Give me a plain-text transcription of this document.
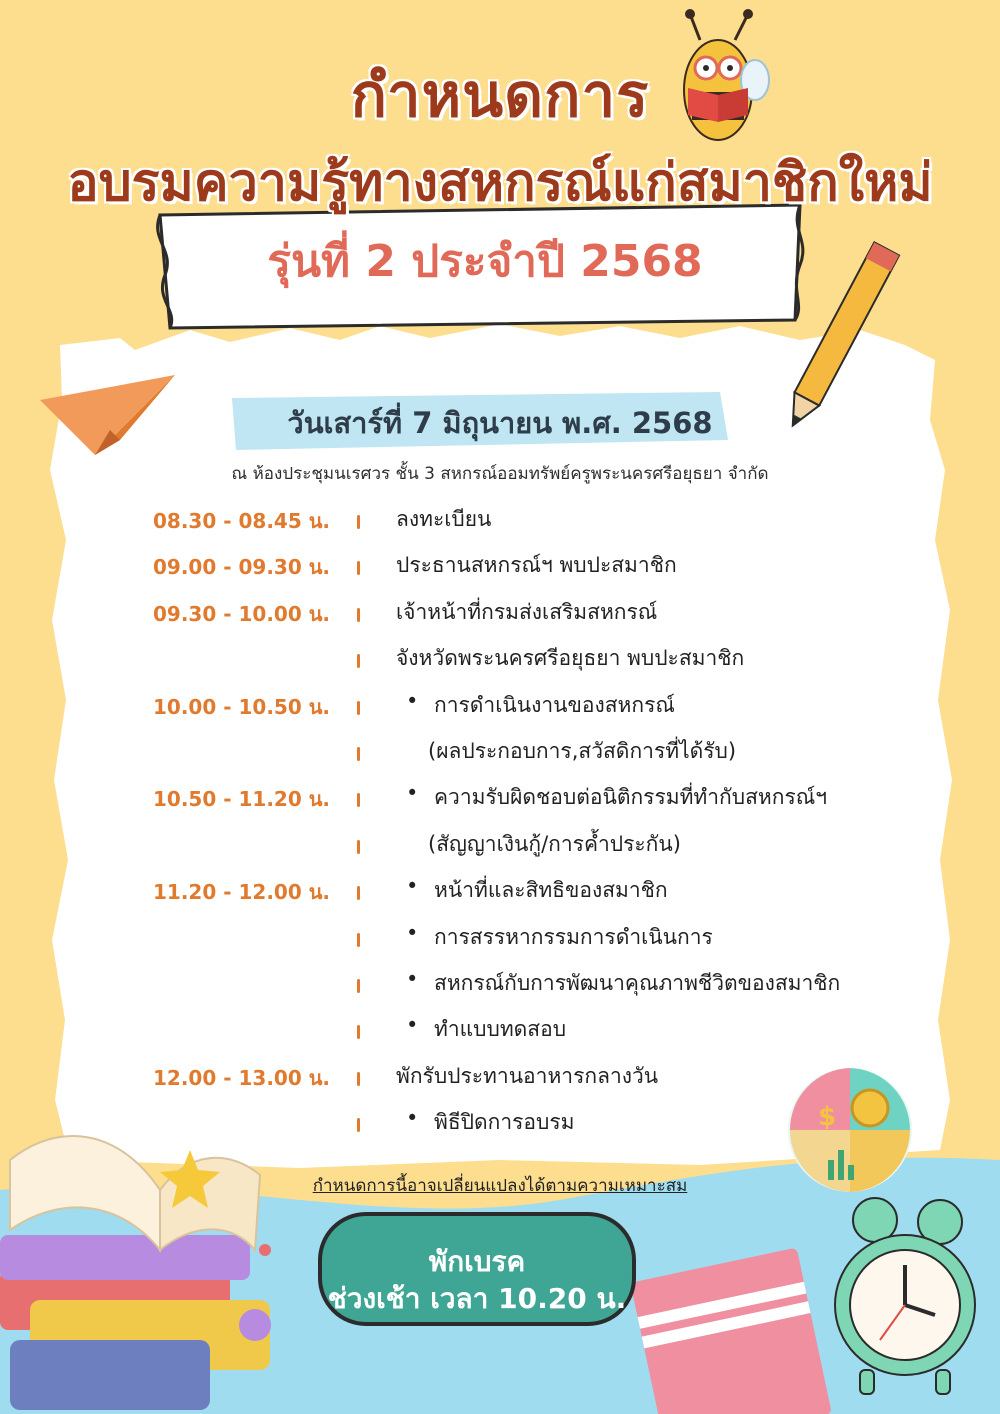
$
กำหนดการ
อบรมความรู้ทางสหกรณ์แก่สมาชิกใหม่
รุ่นที่ 2 ประจำปี 2568
วันเสาร์ที่ 7 มิถุนายน พ.ศ. 2568
ณ ห้องประชุมนเรศวร ชั้น 3 สหกรณ์ออมทรัพย์ครูพระนครศรีอยุธยา จำกัด
08.30 - 08.45 น.	ลงทะเบียน
09.00 - 09.30 น.	ประธานสหกรณ์ฯ พบปะสมาชิก
09.30 - 10.00 น.	เจ้าหน้าที่กรมส่งเสริมสหกรณ์
จังหวัดพระนครศรีอยุธยา พบปะสมาชิก
10.00 - 10.50 น.	• การดำเนินงานของสหกรณ์
(ผลประกอบการ,สวัสดิการที่ได้รับ)
10.50 - 11.20 น.	• ความรับผิดชอบต่อนิติกรรมที่ทำกับสหกรณ์ฯ
(สัญญาเงินกู้/การค้ำประกัน)
11.20 - 12.00 น.	• หน้าที่และสิทธิของสมาชิก
• การสรรหากรรมการดำเนินการ
• สหกรณ์กับการพัฒนาคุณภาพชีวิตของสมาชิก
• ทำแบบทดสอบ
12.00 - 13.00 น.	พักรับประทานอาหารกลางวัน
• พิธีปิดการอบรม
กำหนดการนี้อาจเปลี่ยนแปลงได้ตามความเหมาะสม
พักเบรค
ช่วงเช้า เวลา 10.20 น.
